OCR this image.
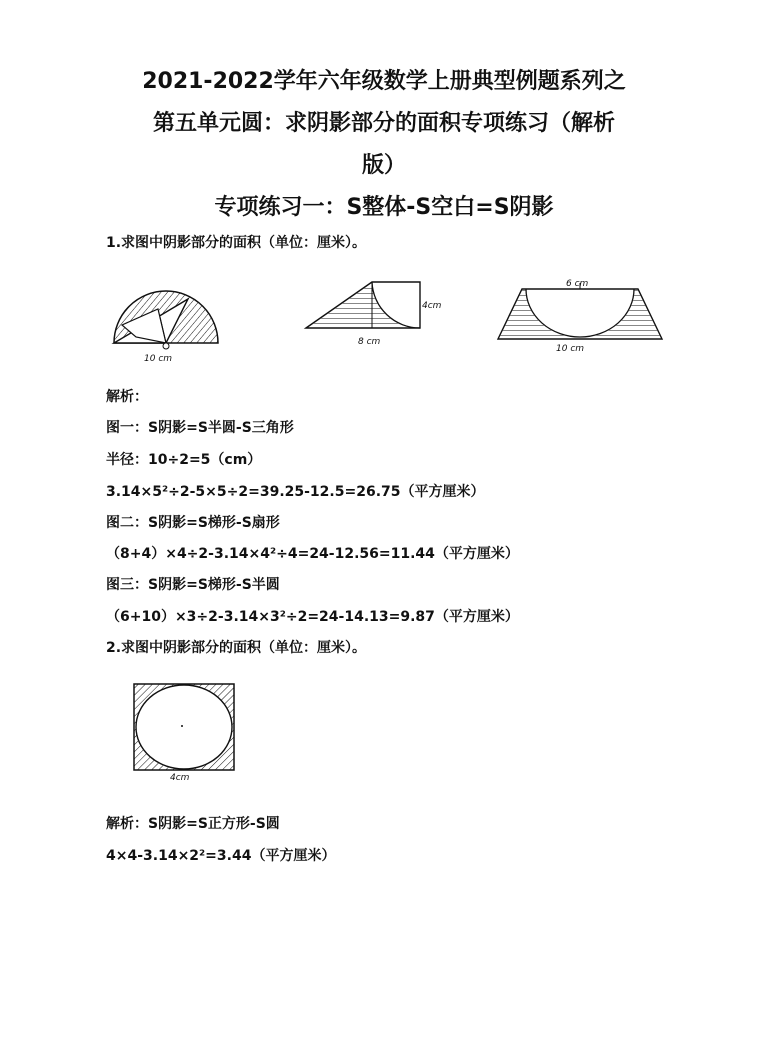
2021-2022学年六年级数学上册典型例题系列之
第五单元圆：求阴影部分的面积专项练习（解析
版）
专项练习一：S整体-S空白=S阴影
1.求图中阴影部分的面积（单位：厘米）。
10 cm
8 cm
4cm
6 cm
10 cm
解析：
图一：S阴影=S半圆-S三角形
半径：10÷2=5（cm）
3.14×5²÷2-5×5÷2=39.25-12.5=26.75（平方厘米）
图二：S阴影=S梯形-S扇形
（8+4）×4÷2-3.14×4²÷4=24-12.56=11.44（平方厘米）
图三：S阴影=S梯形-S半圆
（6+10）×3÷2-3.14×3²÷2=24-14.13=9.87（平方厘米）
2.求图中阴影部分的面积（单位：厘米）。
4cm
解析：S阴影=S正方形-S圆
4×4-3.14×2²=3.44（平方厘米）
